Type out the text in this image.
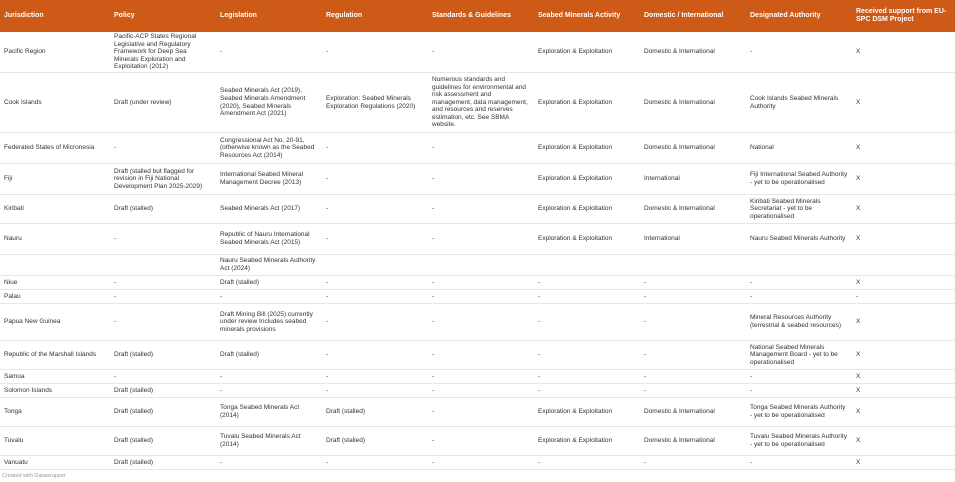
Jurisdiction	Policy	Legislation	Regulation	Standards & Guidelines	Seabed Minerals Activity	Domestic / International	Designated Authority	Received support from EU-SPC DSM Project
Pacific Region	Pacific-ACP States Regional Legislative and Regulatory Framework for Deep Sea Minerals Exploration and Exploitation (2012)	-	-	-	Exploration & Exploitation	Domestic & International	-	X
Cook Islands	Draft (under review)	Seabed Minerals Act (2019), Seabed Minerals Amendment (2020), Seabed Minerals Amendment Act (2021)	Exploration: Seabed Minerals Exploration Regulations (2020)	Numerous standards and guidelines for environmental and risk assessment and management, data management, and resources and reserves estimation, etc. See SBMA website.	Exploration & Exploitation	Domestic & International	Cook Islands Seabed Minerals Authority	X
Federated States of Micronesia	-	Congressional Act No. 20-91, (otherwise known as the Seabed Resources Act (2014)	-	-	Exploration & Exploitation	Domestic & International	National	X
Fiji	Draft (stalled but flagged for revision in Fiji National Development Plan 2025-2029)	International Seabed Mineral Management Decree (2013)	-	-	Exploration & Exploitation	International	Fiji International Seabed Authority - yet to be operationalised	X
Kiribati	Draft (stalled)	Seabed Minerals Act (2017)	-	-	Exploration & Exploitation	Domestic & International	Kiribati Seabed Minerals Secretariat - yet to be operationalised	X
Nauru	-	Republic of Nauru International Seabed Minerals Act (2015)	-	-	Exploration & Exploitation	International	Nauru Seabed Minerals Authority	X
		Nauru Seabed Minerals Authority Act (2024)						
Niue	-	Draft (stalled)	-	-	-	-	-	X
Palau	-	-	-	-	-	-	-	-
Papua New Guinea	-	Draft Mining Bill (2025) currently under review Includes seabed minerals provisions	-	-	-	-	Mineral Resources Authority (terrestrial & seabed resources)	X
Republic of the Marshall Islands	Draft (stalled)	Draft (stalled)	-	-	-	-	National Seabed Minerals Management Board - yet to be operationalised	X
Samoa	-	-	-	-	-	-	-	X
Solomon Islands	Draft (stalled)	-	-	-	-	-	-	X
Tonga	Draft (stalled)	Tonga Seabed Minerals Act (2014)	Draft (stalled)	-	Exploration & Exploitation	Domestic & International	Tonga Seabed Minerals Authority - yet to be operationalised	X
Tuvalu	Draft (stalled)	Tuvalu Seabed Minerals Act (2014)	Draft (stalled)	-	Exploration & Exploitation	Domestic & International	Tuvalu Seabed Minerals Authority - yet to be operationalised	X
Vanuatu	Draft (stalled)	-	-	-	-	-	-	X
Created with Datawrapper
